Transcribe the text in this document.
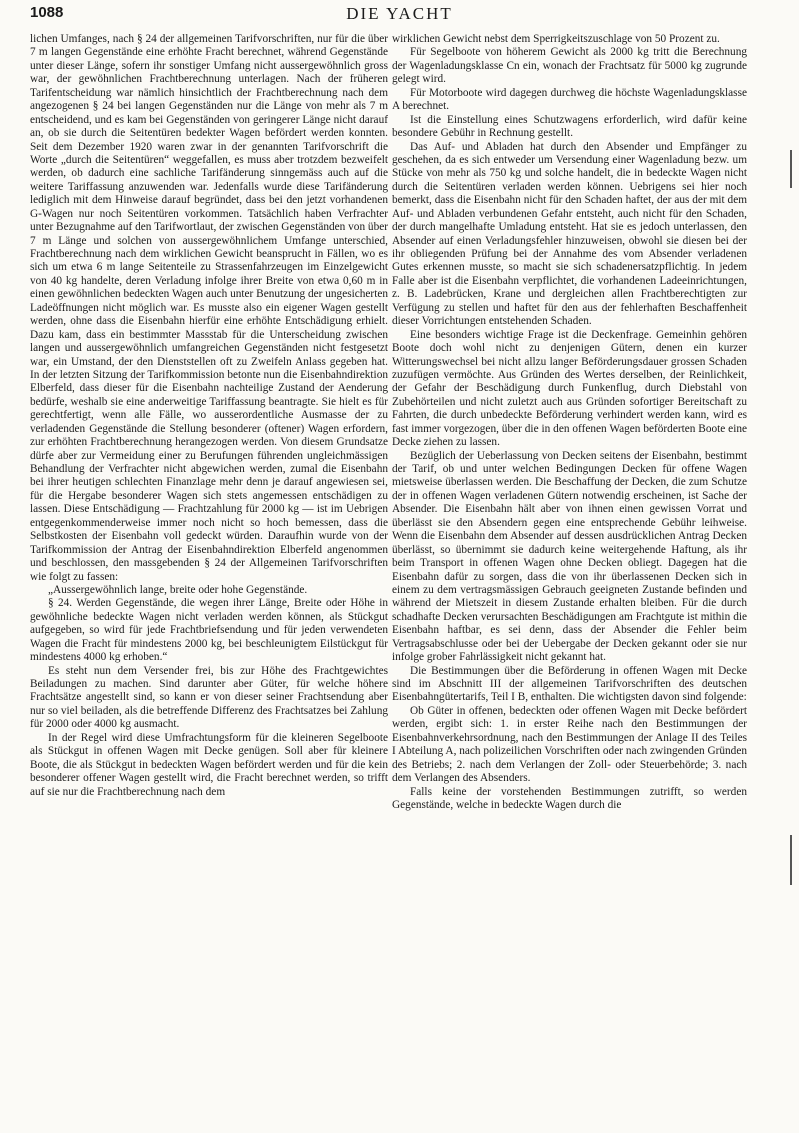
1088	DIE YACHT

lichen Umfanges, nach § 24 der allgemeinen Tarifvorschriften, nur für die über 7 m langen Gegenstände eine erhöhte Fracht berechnet, während Gegenstände unter dieser Länge, sofern ihr sonstiger Umfang nicht aussergewöhnlich gross war, der gewöhnlichen Frachtberechnung unterlagen. Nach der früheren Tarifentscheidung war nämlich hinsichtlich der Frachtberechnung nach dem angezogenen § 24 bei langen Gegenständen nur die Länge von mehr als 7 m entscheidend, und es kam bei Gegenständen von geringerer Länge nicht darauf an, ob sie durch die Seitentüren bedekter Wagen befördert werden konnten. Seit dem Dezember 1920 waren zwar in der genannten Tarifvorschrift die Worte „durch die Seitentüren“ weggefallen, es muss aber trotzdem bezweifelt werden, ob dadurch eine sachliche Tarifänderung sinngemäss auch auf die weitere Tariffassung anzuwenden war. Jedenfalls wurde diese Tarifänderung lediglich mit dem Hinweise darauf begründet, dass bei den jetzt vorhandenen G-Wagen nur noch Seitentüren vorkommen. Tatsächlich haben Verfrachter unter Bezugnahme auf den Tarifwortlaut, der zwischen Gegenständen von über 7 m Länge und solchen von aussergewöhnlichem Umfange unterschied, Frachtberechnung nach dem wirklichen Gewicht beansprucht in Fällen, wo es sich um etwa 6 m lange Seitenteile zu Strassenfahrzeugen im Einzelgewicht von 40 kg handelte, deren Verladung infolge ihrer Breite von etwa 0,60 m in einen gewöhnlichen bedeckten Wagen auch unter Benutzung der ungesicherten Ladeöffnungen nicht möglich war. Es musste also ein eigener Wagen gestellt werden, ohne dass die Eisenbahn hierfür eine erhöhte Entschädigung erhielt. Dazu kam, dass ein bestimmter Massstab für die Unterscheidung zwischen langen und aussergewöhnlich umfangreichen Gegenständen nicht festgesetzt war, ein Umstand, der den Dienststellen oft zu Zweifeln Anlass gegeben hat. In der letzten Sitzung der Tarifkommission betonte nun die Eisenbahndirektion Elberfeld, dass dieser für die Eisenbahn nachteilige Zustand der Aenderung bedürfe, weshalb sie eine anderweitige Tariffassung beantragte. Sie hielt es für gerechtfertigt, wenn alle Fälle, wo ausserordentliche Ausmasse der zu verladenden Gegenstände die Stellung besonderer (oftener) Wagen erfordern, zur erhöhten Frachtberechnung herangezogen werden. Von diesem Grundsatze dürfe aber zur Vermeidung einer zu Berufungen führenden ungleichmässigen Behandlung der Verfrachter nicht abgewichen werden, zumal die Eisenbahn bei ihrer heutigen schlechten Finanzlage mehr denn je darauf angewiesen sei, für die Hergabe besonderer Wagen sich stets angemessen entschädigen zu lassen. Diese Entschädigung — Frachtzahlung für 2000 kg — ist im Uebrigen entgegenkommenderweise immer noch nicht so hoch bemessen, dass die Selbstkosten der Eisenbahn voll gedeckt würden. Daraufhin wurde von der Tarifkommission der Antrag der Eisenbahndirektion Elberfeld angenommen und beschlossen, den massgebenden § 24 der Allgemeinen Tarifvorschriften wie folgt zu fassen:

„Aussergewöhnlich lange, breite oder hohe Gegenstände.

§ 24. Werden Gegenstände, die wegen ihrer Länge, Breite oder Höhe in gewöhnliche bedeckte Wagen nicht verladen werden können, als Stückgut aufgegeben, so wird für jede Frachtbriefsendung und für jeden verwendeten Wagen die Fracht für mindestens 2000 kg, bei beschleunigtem Eilstückgut für mindestens 4000 kg erhoben.“

Es steht nun dem Versender frei, bis zur Höhe des Frachtgewichtes Beiladungen zu machen. Sind darunter aber Güter, für welche höhere Frachtsätze angestellt sind, so kann er von dieser seiner Frachtsendung aber nur so viel beiladen, als die betreffende Differenz des Frachtsatzes bei Zahlung für 2000 oder 4000 kg ausmacht.

In der Regel wird diese Umfrachtungsform für die kleineren Segelboote als Stückgut in offenen Wagen mit Decke genügen. Soll aber für kleinere Boote, die als Stückgut in bedeckten Wagen befördert werden und für die kein besonderer offener Wagen gestellt wird, die Fracht berechnet werden, so trifft auf sie nur die Frachtberechnung nach dem

wirklichen Gewicht nebst dem Sperrigkeitszuschlage von 50 Prozent zu.

Für Segelboote von höherem Gewicht als 2000 kg tritt die Berechnung der Wagenladungsklasse Cn ein, wonach der Frachtsatz für 5000 kg zugrunde gelegt wird.

Für Motorboote wird dagegen durchweg die höchste Wagenladungsklasse A berechnet.

Ist die Einstellung eines Schutzwagens erforderlich, wird dafür keine besondere Gebühr in Rechnung gestellt.

Das Auf- und Abladen hat durch den Absender und Empfänger zu geschehen, da es sich entweder um Versendung einer Wagenladung bezw. um Stücke von mehr als 750 kg und solche handelt, die in bedeckte Wagen nicht durch die Seitentüren verladen werden können. Uebrigens sei hier noch bemerkt, dass die Eisenbahn nicht für den Schaden haftet, der aus der mit dem Auf- und Abladen verbundenen Gefahr entsteht, auch nicht für den Schaden, der durch mangelhafte Umladung entsteht. Hat sie es jedoch unterlassen, den Absender auf einen Verladungsfehler hinzuweisen, obwohl sie diesen bei der ihr obliegenden Prüfung bei der Annahme des vom Absender verladenen Gutes erkennen musste, so macht sie sich schadenersatzpflichtig. In jedem Falle aber ist die Eisenbahn verpflichtet, die vorhandenen Ladeeinrichtungen, z. B. Ladebrücken, Krane und dergleichen allen Frachtberechtigten zur Verfügung zu stellen und haftet für den aus der fehlerhaften Beschaffenheit dieser Vorrichtungen entstehenden Schaden.

Eine besonders wichtige Frage ist die Deckenfrage. Gemeinhin gehören Boote doch wohl nicht zu denjenigen Gütern, denen ein kurzer Witterungswechsel bei nicht allzu langer Beförderungsdauer grossen Schaden zuzufügen vermöchte. Aus Gründen des Wertes derselben, der Reinlichkeit, der Gefahr der Beschädigung durch Funkenflug, durch Diebstahl von Zubehörteilen und nicht zuletzt auch aus Gründen sofortiger Bereitschaft zu Fahrten, die durch unbedeckte Beförderung verhindert werden kann, wird es fast immer vorgezogen, über die in den offenen Wagen beförderten Boote eine Decke ziehen zu lassen.

Bezüglich der Ueberlassung von Decken seitens der Eisenbahn, bestimmt der Tarif, ob und unter welchen Bedingungen Decken für offene Wagen mietsweise überlassen werden. Die Beschaffung der Decken, die zum Schutze der in offenen Wagen verladenen Gütern notwendig erscheinen, ist Sache der Absender. Die Eisenbahn hält aber von ihnen einen gewissen Vorrat und überlässt sie den Absendern gegen eine entsprechende Gebühr leihweise. Wenn die Eisenbahn dem Absender auf dessen ausdrücklichen Antrag Decken überlässt, so übernimmt sie dadurch keine weitergehende Haftung, als ihr beim Transport in offenen Wagen ohne Decken obliegt. Dagegen hat die Eisenbahn dafür zu sorgen, dass die von ihr überlassenen Decken sich in einem zu dem vertragsmässigen Gebrauch geeigneten Zustande befinden und während der Mietszeit in diesem Zustande erhalten bleiben. Für die durch schadhafte Decken verursachten Beschädigungen am Frachtgute ist mithin die Eisenbahn haftbar, es sei denn, dass der Absender die Fehler beim Vertragsabschlusse oder bei der Uebergabe der Decken gekannt oder sie nur infolge grober Fahrlässigkeit nicht gekannt hat.

Die Bestimmungen über die Beförderung in offenen Wagen mit Decke sind im Abschnitt III der allgemeinen Tarifvorschriften des deutschen Eisenbahngütertarifs, Teil I B, enthalten. Die wichtigsten davon sind folgende:

Ob Güter in offenen, bedeckten oder offenen Wagen mit Decke befördert werden, ergibt sich: 1. in erster Reihe nach den Bestimmungen der Eisenbahnverkehrsordnung, nach den Bestimmungen der Anlage II des Teiles I Abteilung A, nach polizeilichen Vorschriften oder nach zwingenden Gründen des Betriebs; 2. nach dem Verlangen der Zoll- oder Steuerbehörde; 3. nach dem Verlangen des Absenders.

Falls keine der vorstehenden Bestimmungen zutrifft, so werden Gegenstände, welche in bedeckte Wagen durch die
